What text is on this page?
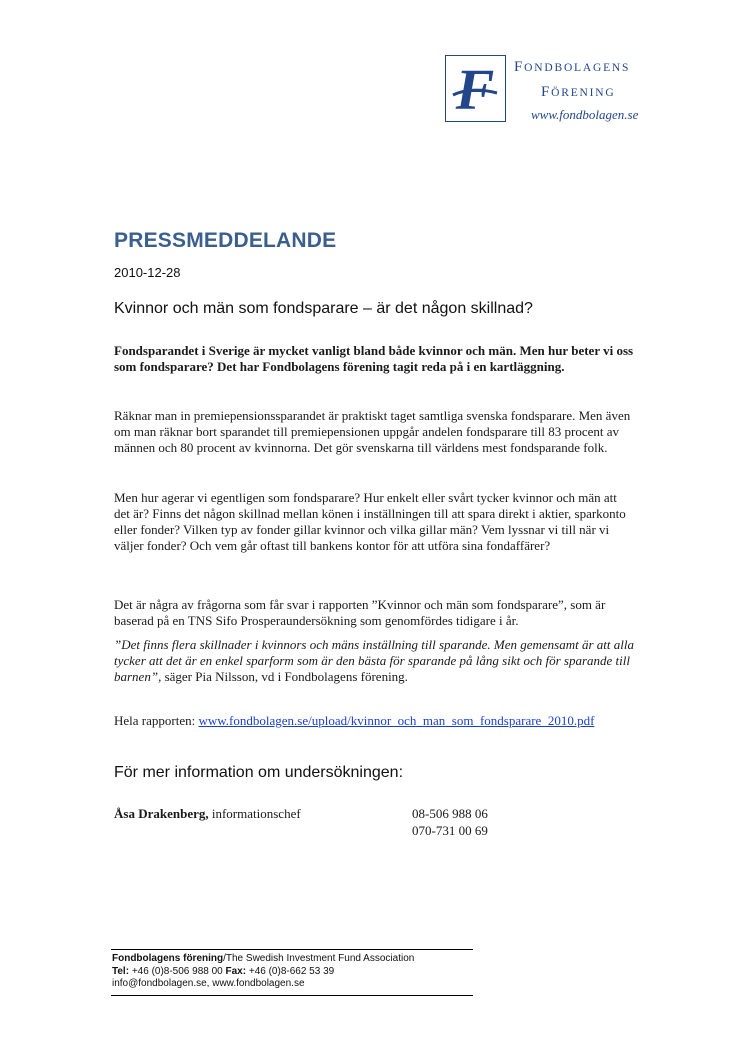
F FONDBOLAGENS
FÖRENING
www.fondbolagen.se
PRESSMEDDELANDE
2010-12-28
Kvinnor och män som fondsparare – är det någon skillnad?
Fondsparandet i Sverige är mycket vanligt bland både kvinnor och män. Men hur beter vi oss som fondsparare? Det har Fondbolagens förening tagit reda på i en kartläggning.
Räknar man in premiepensionssparandet är praktiskt taget samtliga svenska fondsparare. Men även om man räknar bort sparandet till premiepensionen uppgår andelen fondsparare till 83 procent av männen och 80 procent av kvinnorna. Det gör svenskarna till världens mest fondsparande folk.
Men hur agerar vi egentligen som fondsparare? Hur enkelt eller svårt tycker kvinnor och män att det är? Finns det någon skillnad mellan könen i inställningen till att spara direkt i aktier, sparkonto eller fonder? Vilken typ av fonder gillar kvinnor och vilka gillar män? Vem lyssnar vi till när vi väljer fonder? Och vem går oftast till bankens kontor för att utföra sina fondaffärer?
Det är några av frågorna som får svar i rapporten ”Kvinnor och män som fondsparare”, som är baserad på en TNS Sifo Prosperaundersökning som genomfördes tidigare i år.
”Det finns flera skillnader i kvinnors och mäns inställning till sparande. Men gemensamt är att alla tycker att det är en enkel sparform som är den bästa för sparande på lång sikt och för sparande till barnen”, säger Pia Nilsson, vd i Fondbolagens förening.
Hela rapporten: www.fondbolagen.se/upload/kvinnor_och_man_som_fondsparare_2010.pdf
För mer information om undersökningen:
Åsa Drakenberg, informationschef	08-506 988 06
070-731 00 69
Fondbolagens förening/The Swedish Investment Fund Association
Tel: +46 (0)8-506 988 00 Fax: +46 (0)8-662 53 39
info@fondbolagen.se, www.fondbolagen.se
